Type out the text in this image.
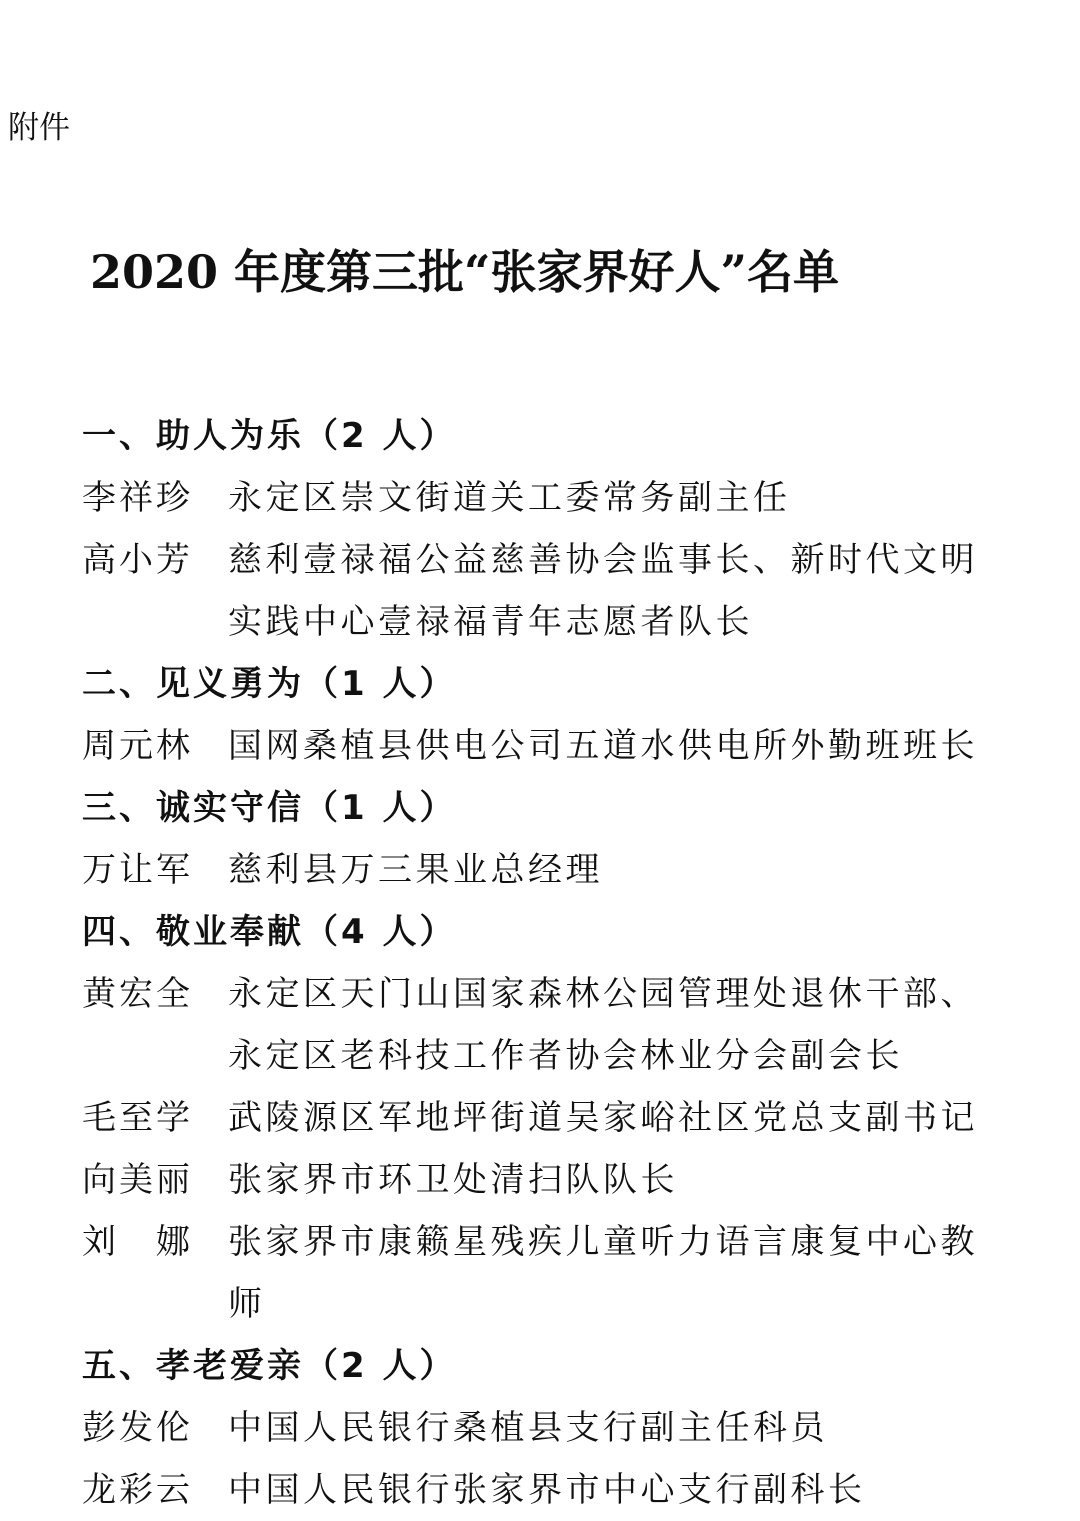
附件
2020 年度第三批“张家界好人”名单
一、助人为乐（2 人）
李祥珍	永定区崇文街道关工委常务副主任
高小芳	慈利壹禄福公益慈善协会监事长、新时代文明实践中心壹禄福青年志愿者队长
二、见义勇为（1 人）
周元林	国网桑植县供电公司五道水供电所外勤班班长
三、诚实守信（1 人）
万让军	慈利县万三果业总经理
四、敬业奉献（4 人）
黄宏全	永定区天门山国家森林公园管理处退休干部、永定区老科技工作者协会林业分会副会长
毛至学	武陵源区军地坪街道吴家峪社区党总支副书记
向美丽	张家界市环卫处清扫队队长
刘　娜	张家界市康籁星残疾儿童听力语言康复中心教师
五、孝老爱亲（2 人）
彭发伦	中国人民银行桑植县支行副主任科员
龙彩云	中国人民银行张家界市中心支行副科长
